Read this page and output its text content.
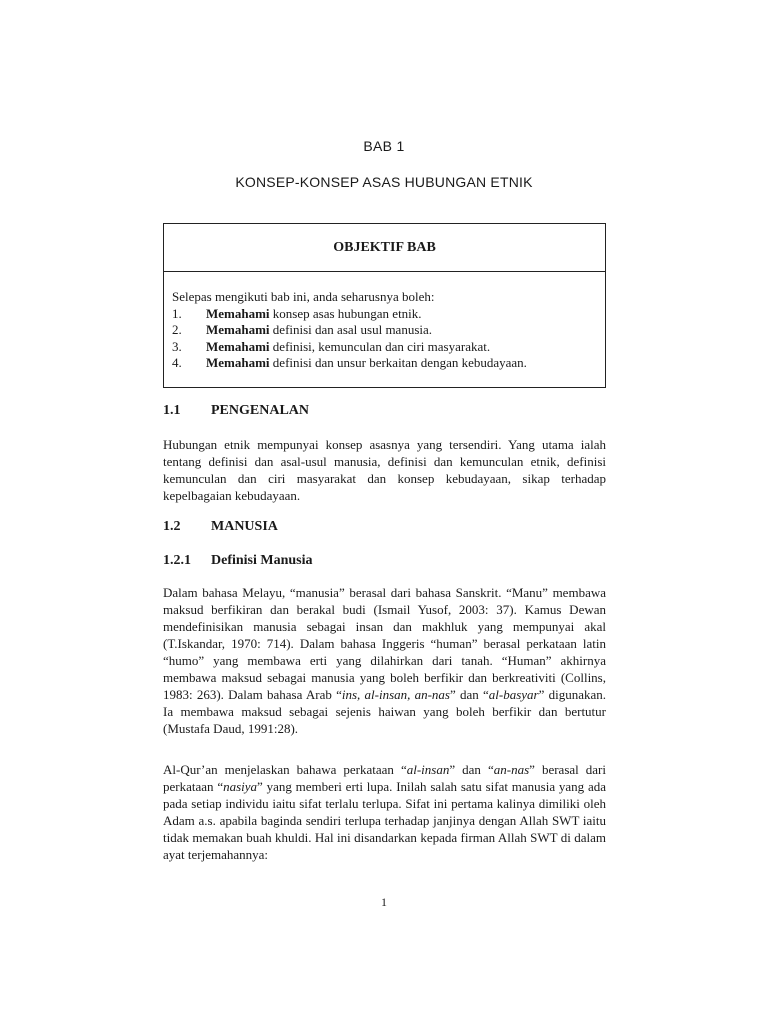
BAB 1
KONSEP-KONSEP ASAS HUBUNGAN ETNIK
OBJEKTIF BAB
Selepas mengikuti bab ini, anda seharusnya boleh:
1.	Memahami konsep asas hubungan etnik.
2.	Memahami definisi dan asal usul manusia.
3.	Memahami definisi, kemunculan dan ciri masyarakat.
4.	Memahami definisi dan unsur berkaitan dengan kebudayaan.
1.1	PENGENALAN

Hubungan etnik mempunyai konsep asasnya yang tersendiri. Yang utama ialah tentang definisi dan asal-usul manusia, definisi dan kemunculan etnik, definisi kemunculan dan ciri masyarakat dan konsep kebudayaan, sikap terhadap kepelbagaian kebudayaan.

1.2	MANUSIA
1.2.1	Definisi Manusia

Dalam bahasa Melayu, “manusia” berasal dari bahasa Sanskrit. “Manu” membawa maksud berfikiran dan berakal budi (Ismail Yusof, 2003: 37). Kamus Dewan mendefinisikan manusia sebagai insan dan makhluk yang mempunyai akal (T.Iskandar, 1970: 714). Dalam bahasa Inggeris “human” berasal perkataan latin “humo” yang membawa erti yang dilahirkan dari tanah. “Human” akhirnya membawa maksud sebagai manusia yang boleh berfikir dan berkreativiti (Collins, 1983: 263). Dalam bahasa Arab “ins, al-insan, an-nas” dan “al-basyar” digunakan. Ia membawa maksud sebagai sejenis haiwan yang boleh berfikir dan bertutur (Mustafa Daud, 1991:28).

Al-Qur’an menjelaskan bahawa perkataan “al-insan” dan “an-nas” berasal dari perkataan “nasiya” yang memberi erti lupa. Inilah salah satu sifat manusia yang ada pada setiap individu iaitu sifat terlalu terlupa. Sifat ini pertama kalinya dimiliki oleh Adam a.s. apabila baginda sendiri terlupa terhadap janjinya dengan Allah SWT iaitu tidak memakan buah khuldi. Hal ini disandarkan kepada firman Allah SWT di dalam ayat terjemahannya:

1
